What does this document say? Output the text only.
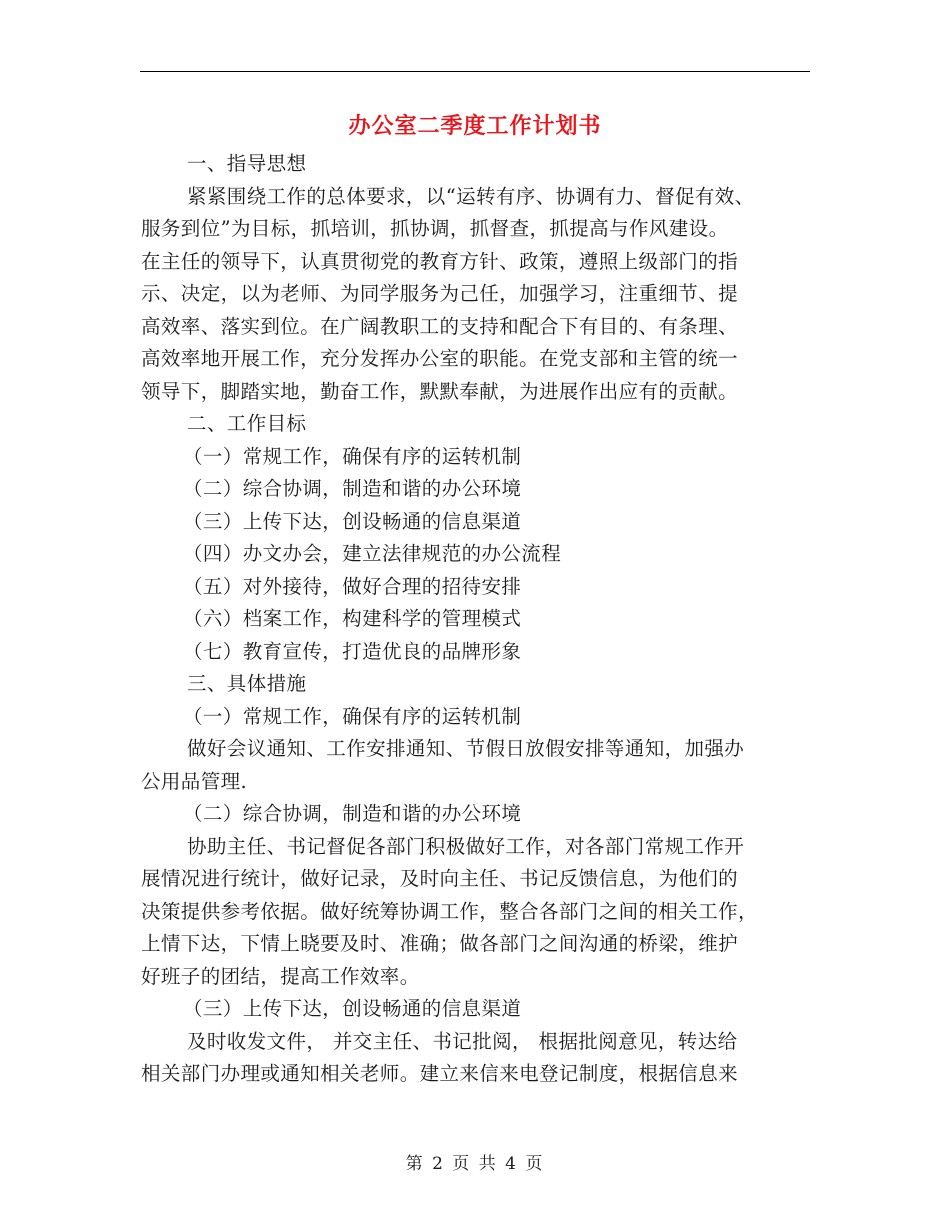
办公室二季度工作计划书
一、指导思想
紧紧围绕工作的总体要求，以“运转有序、协调有力、督促有效、
服务到位”为目标，抓培训，抓协调，抓督查，抓提高与作风建设。
在主任的领导下，认真贯彻党的教育方针、政策，遵照上级部门的指
示、决定，以为老师、为同学服务为己任，加强学习，注重细节、提
高效率、落实到位。在广阔教职工的支持和配合下有目的、有条理、
高效率地开展工作，充分发挥办公室的职能。在党支部和主管的统一
领导下，脚踏实地，勤奋工作，默默奉献，为进展作出应有的贡献。
二、工作目标
（一）常规工作，确保有序的运转机制
（二）综合协调，制造和谐的办公环境
（三）上传下达，创设畅通的信息渠道
（四）办文办会，建立法律规范的办公流程
（五）对外接待，做好合理的招待安排
（六）档案工作，构建科学的管理模式
（七）教育宣传，打造优良的品牌形象
三、具体措施
（一）常规工作，确保有序的运转机制
做好会议通知、工作安排通知、节假日放假安排等通知，加强办
公用品管理.
（二）综合协调，制造和谐的办公环境
协助主任、书记督促各部门积极做好工作，对各部门常规工作开
展情况进行统计，做好记录，及时向主任、书记反馈信息，为他们的
决策提供参考依据。做好统筹协调工作，整合各部门之间的相关工作，
上情下达，下情上晓要及时、准确；做各部门之间沟通的桥梁，维护
好班子的团结，提高工作效率。
（三）上传下达，创设畅通的信息渠道
及时收发文件， 并交主任、书记批阅， 根据批阅意见，转达给
相关部门办理或通知相关老师。建立来信来电登记制度，根据信息来
第 2 页 共 4 页
